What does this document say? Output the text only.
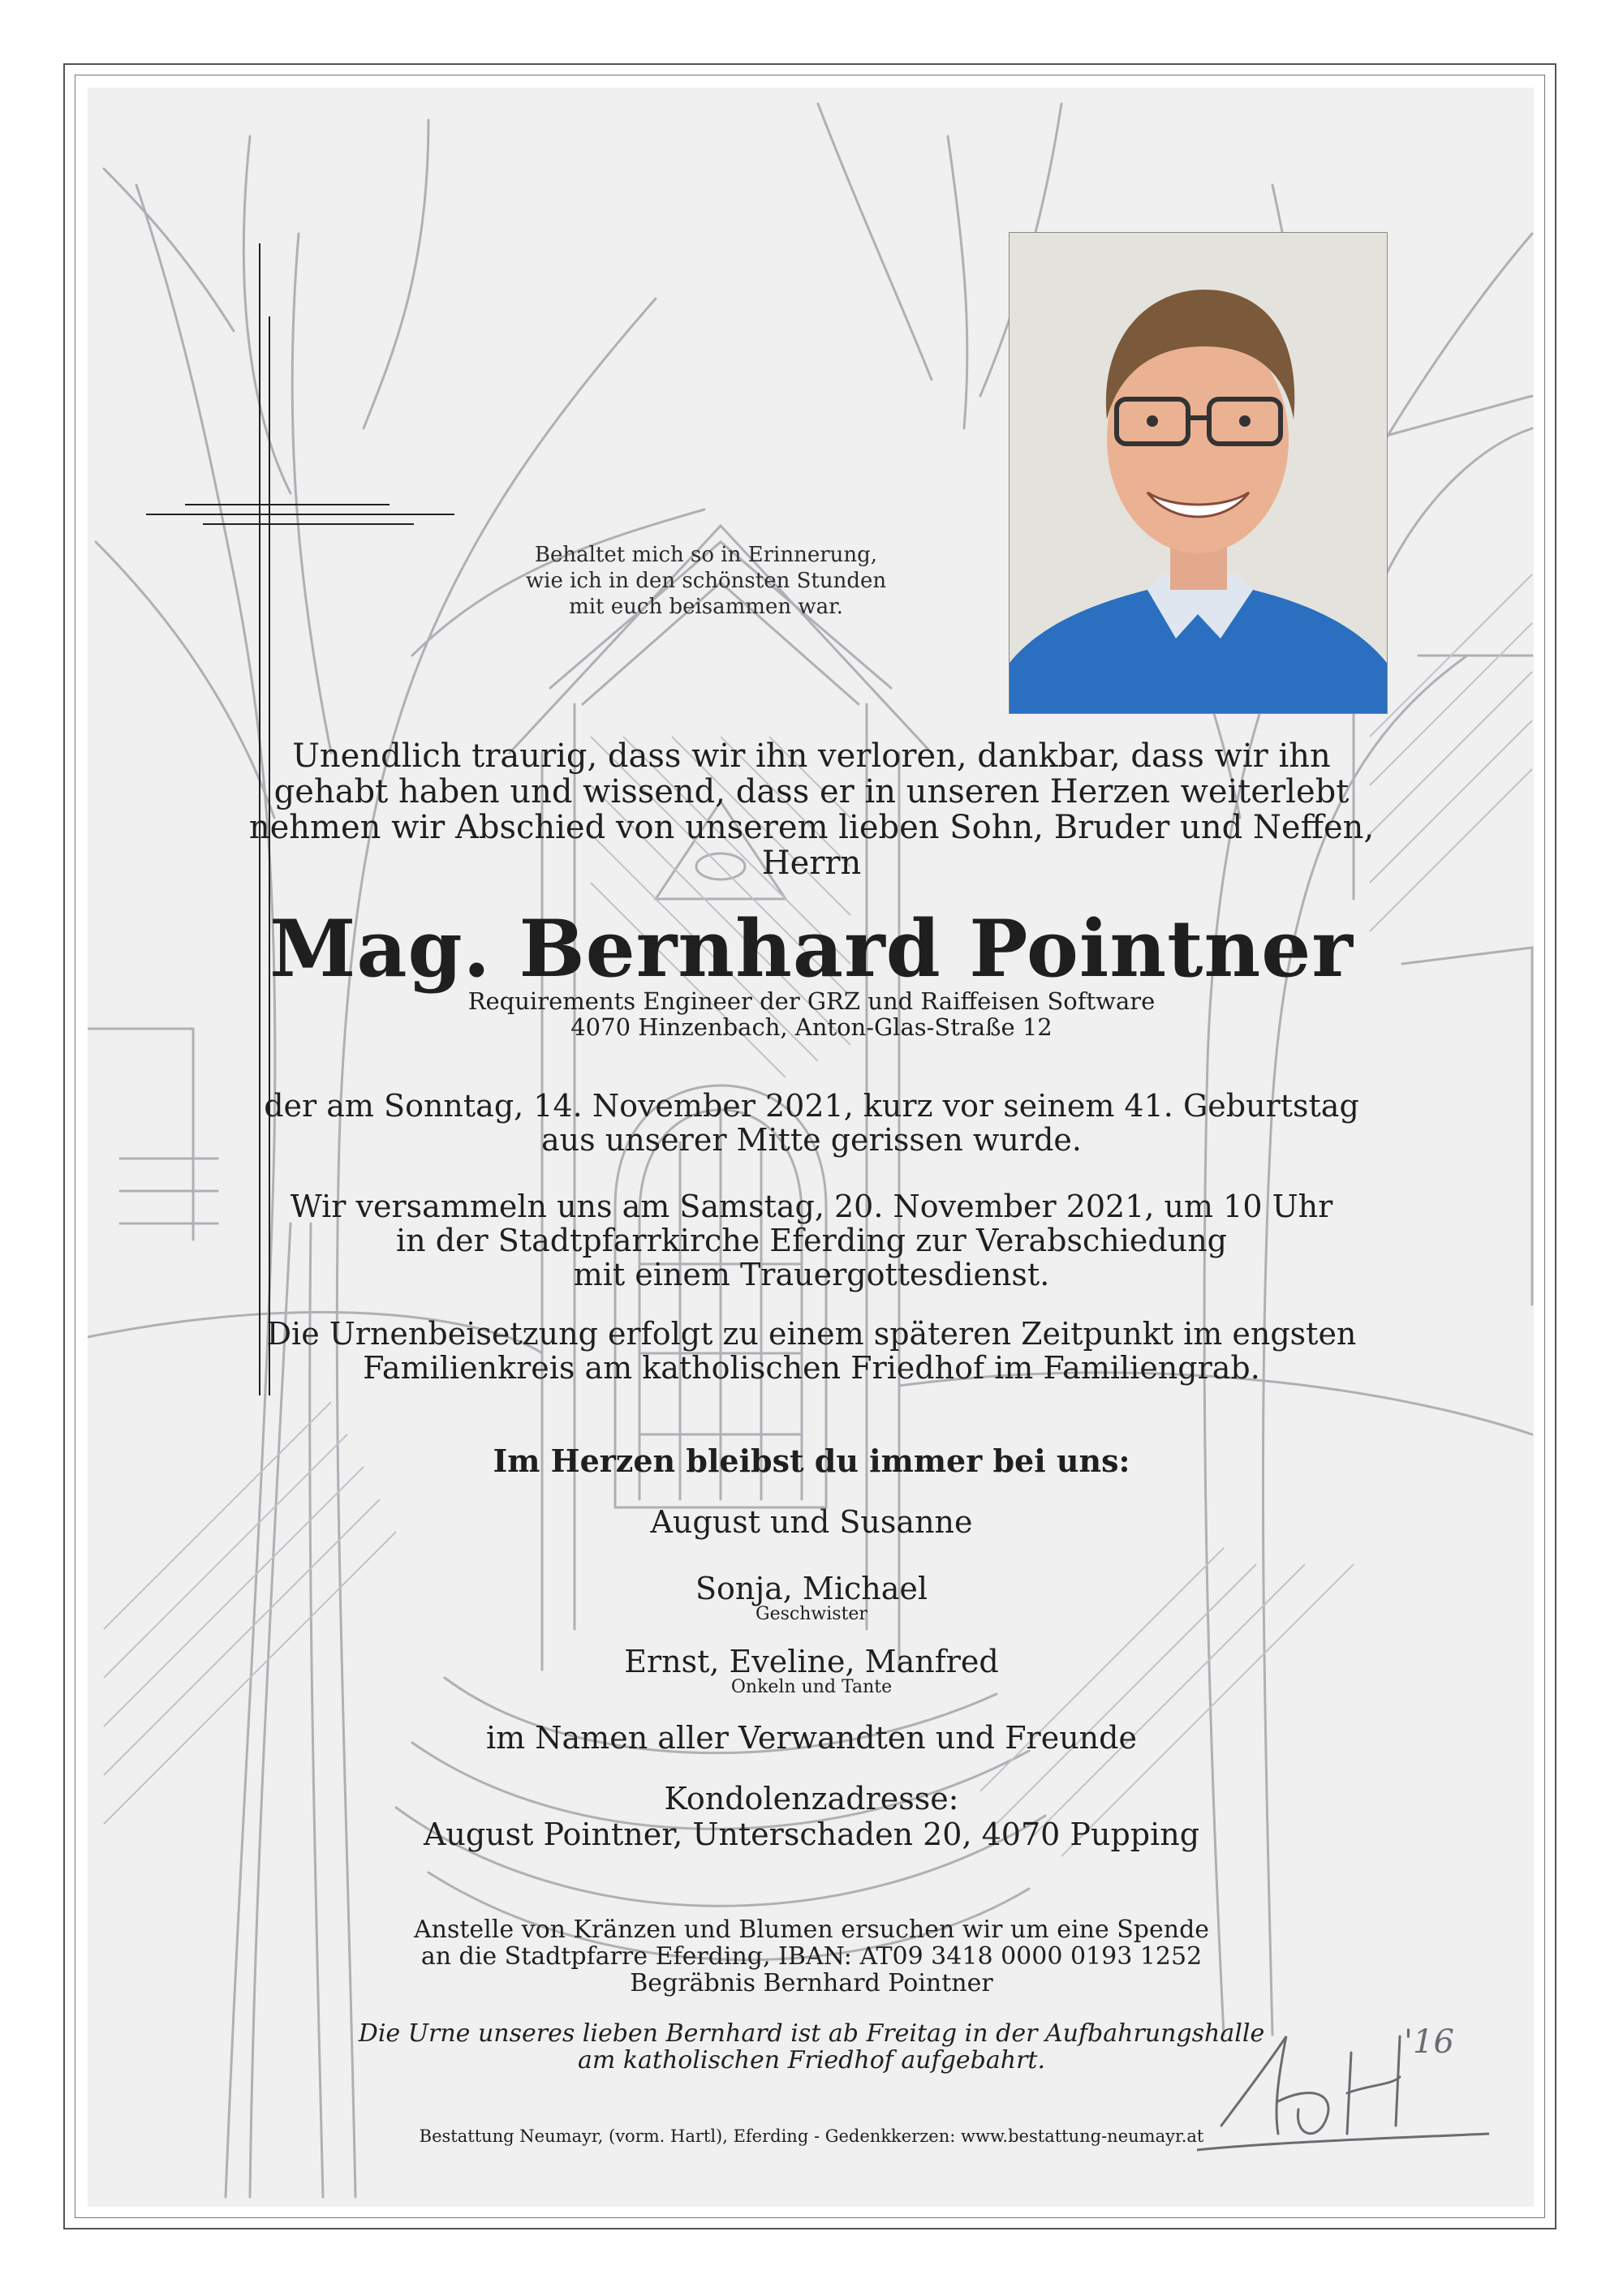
Behaltet mich so in Erinnerung,

wie ich in den schönsten Stunden

mit euch beisammen war.

Unendlich traurig, dass wir ihn verloren, dankbar, dass wir ihn

gehabt haben und wissend, dass er in unseren Herzen weiterlebt

nehmen wir Abschied von unserem lieben Sohn, Bruder und Neffen,

Herrn

Mag. Bernhard Pointner

Requirements Engineer der GRZ und Raiffeisen Software

4070 Hinzenbach, Anton-Glas-Straße 12

der am Sonntag, 14. November 2021, kurz vor seinem 41. Geburtstag

aus unserer Mitte gerissen wurde.

Wir versammeln uns am Samstag, 20. November 2021, um 10 Uhr

in der Stadtpfarrkirche Eferding zur Verabschiedung

mit einem Trauergottesdienst.

Die Urnenbeisetzung erfolgt zu einem späteren Zeitpunkt im engsten

Familienkreis am katholischen Friedhof im Familiengrab.

Im Herzen bleibst du immer bei uns:
August und Susanne
Sonja, Michael
Geschwister
Ernst, Eveline, Manfred
Onkeln und Tante
im Namen aller Verwandten und Freunde
Kondolenzadresse:
August Pointner, Unterschaden 20, 4070 Pupping

Anstelle von Kränzen und Blumen ersuchen wir um eine Spende

an die Stadtpfarre Eferding, IBAN: AT09 3418 0000 0193 1252

Begräbnis Bernhard Pointner

Die Urne unseres lieben Bernhard ist ab Freitag in der Aufbahrungshalle

am katholischen Friedhof aufgebahrt.	'16
Bestattung Neumayr, (vorm. Hartl), Eferding - Gedenkkerzen: www.bestattung-neumayr.at
